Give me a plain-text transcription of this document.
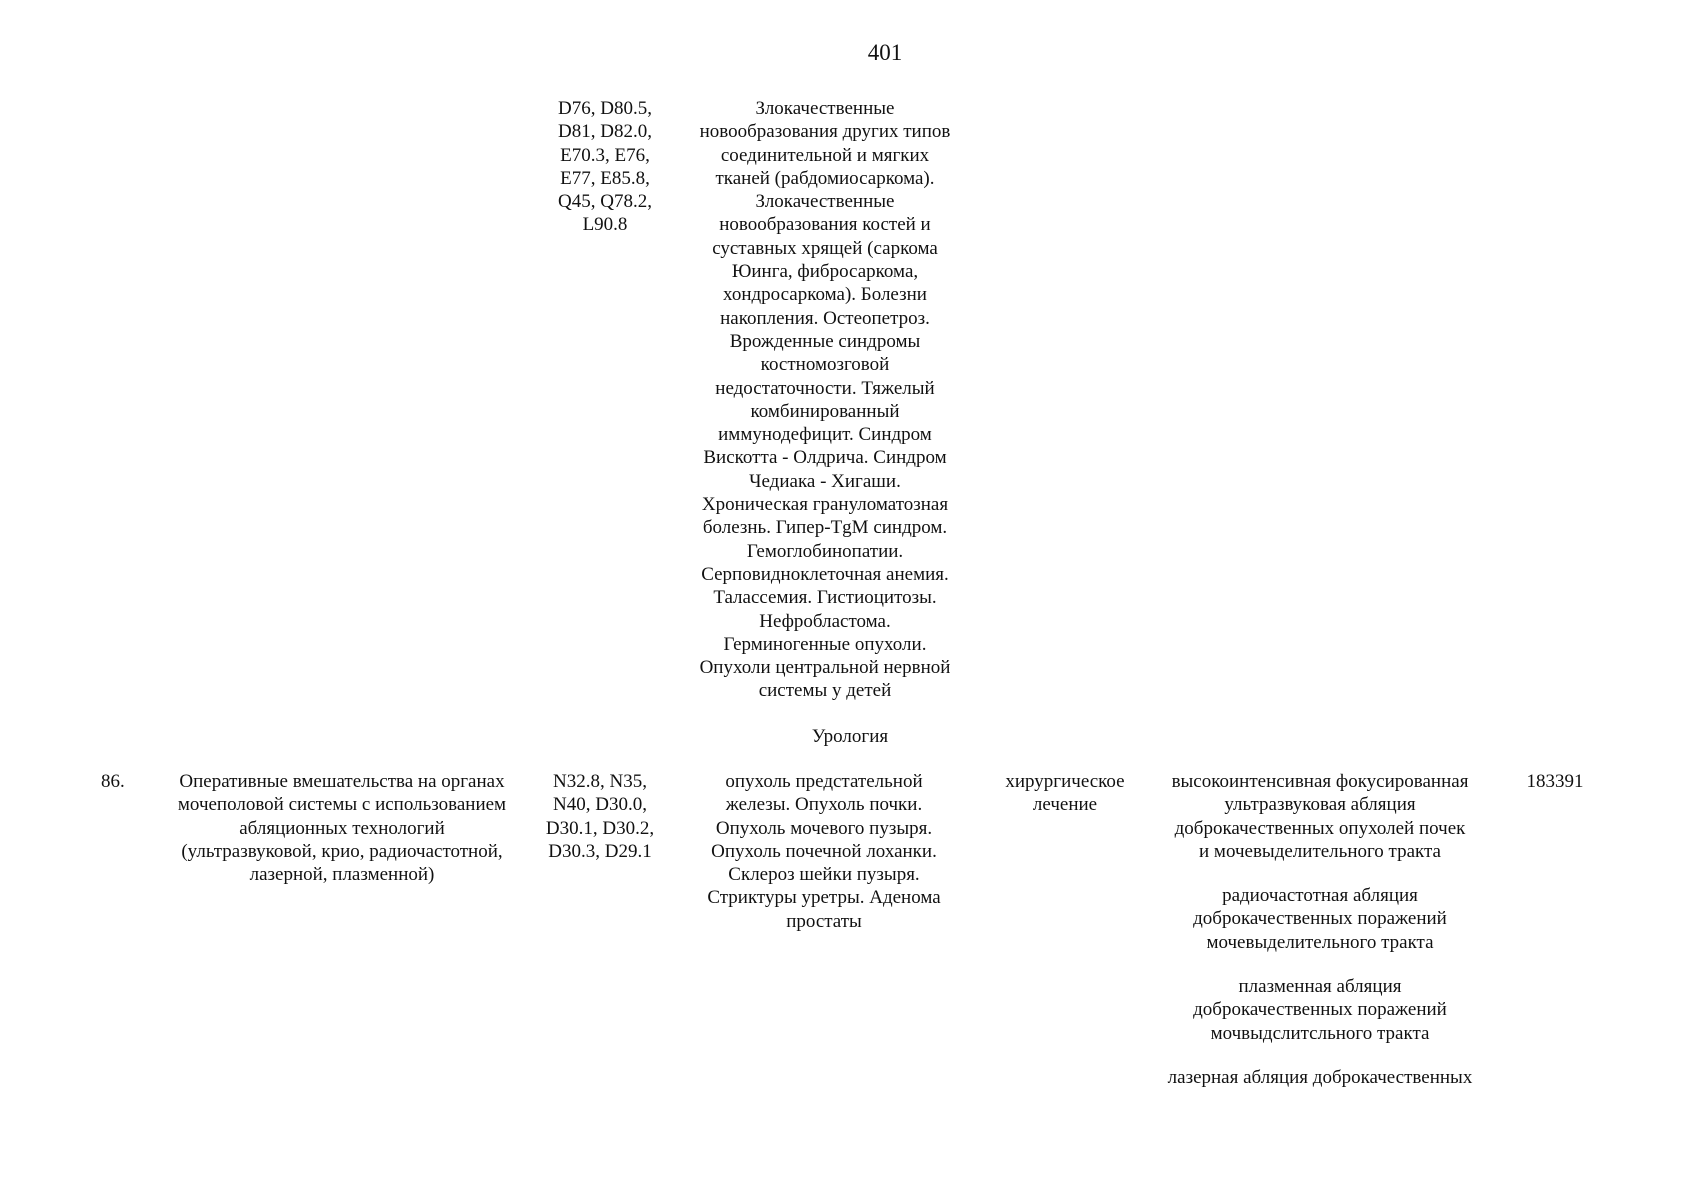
401
D76, D80.5,
D81, D82.0,
E70.3, E76,
E77, E85.8,
Q45, Q78.2,
L90.8
Злокачественные
новообразования других типов
соединительной и мягких
тканей (рабдомиосаркома).
Злокачественные
новообразования костей и
суставных хрящей (саркома
Юинга, фибросаркома,
хондросаркома). Болезни
накопления. Остеопетроз.
Врожденные синдромы
костномозговой
недостаточности. Тяжелый
комбинированный
иммунодефицит. Синдром
Вискотта - Олдрича. Синдром
Чедиака - Хигаши.
Хроническая грануломатозная
болезнь. Гипер-TgM синдром.
Гемоглобинопатии.
Серповидноклеточная анемия.
Талассемия. Гистиоцитозы.
Нефробластома.
Герминогенные опухоли.
Опухоли центральной нервной
системы у детей
Урология
86.	Оперативные вмешательства на органах
мочеполовой системы с использованием
абляционных технологий
(ультразвуковой, крио, радиочастотной,
лазерной, плазменной)
N32.8, N35,
N40, D30.0,
D30.1, D30.2,
D30.3, D29.1
опухоль предстательной
железы. Опухоль почки.
Опухоль мочевого пузыря.
Опухоль почечной лоханки.
Склероз шейки пузыря.
Стриктуры уретры. Аденома
простаты
хирургическое
лечение
высокоинтенсивная фокусированная
ультразвуковая абляция
доброкачественных опухолей почек
и мочевыделительного тракта
радиочастотная абляция
доброкачественных поражений
мочевыделительного тракта
плазменная абляция
доброкачественных поражений
мочвыдслитсльного тракта
лазерная абляция доброкачественных
183391
